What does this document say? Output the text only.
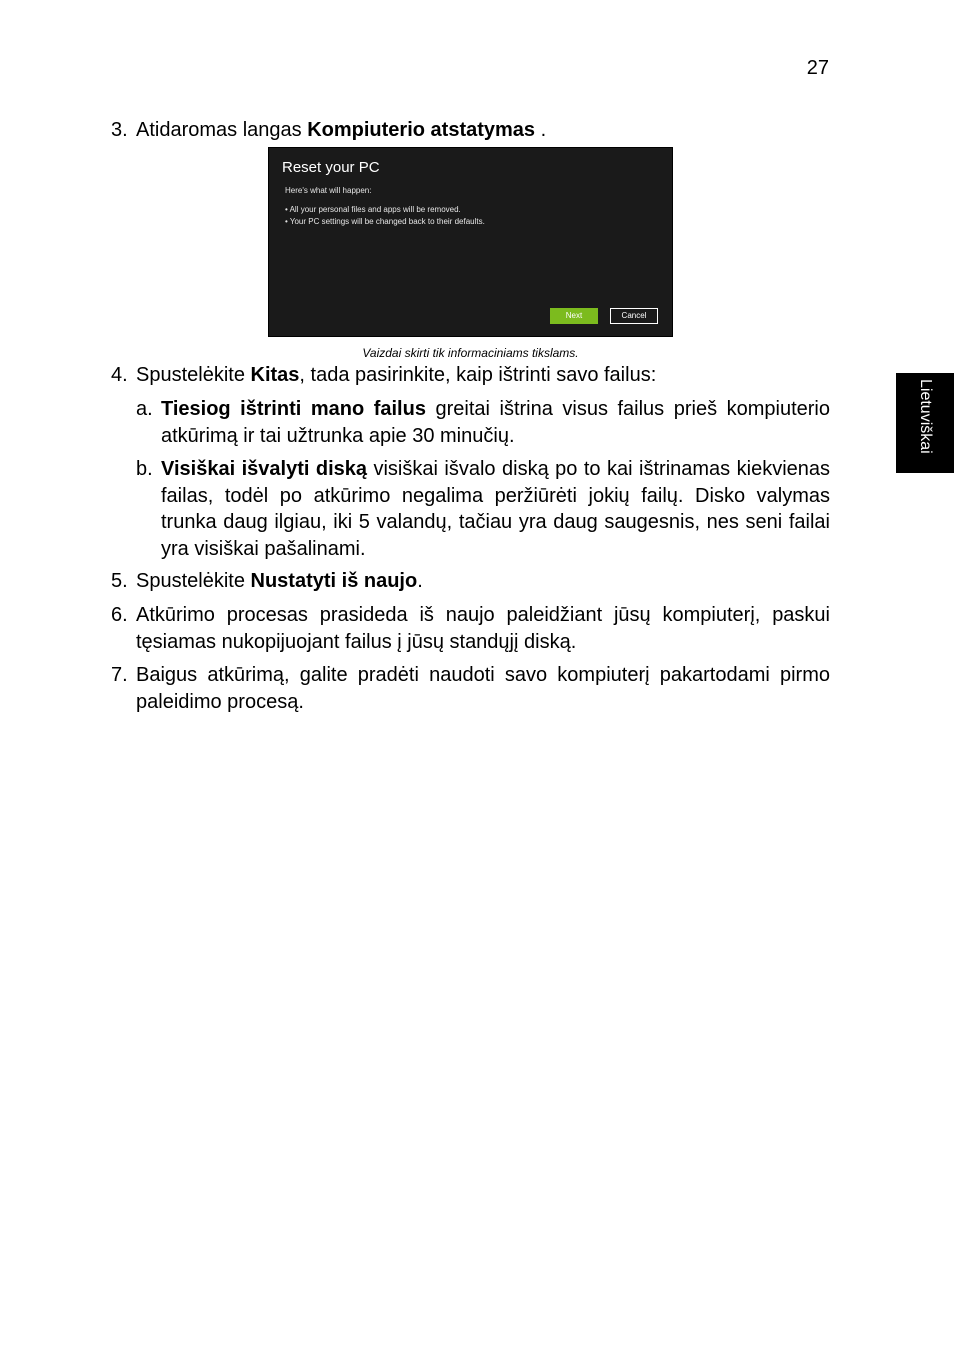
27
Lietuviškai
3. Atidaromas langas Kompiuterio atstatymas .
Reset your PC
Here's what will happen:
• All your personal files and apps will be removed.
• Your PC settings will be changed back to their defaults.
Next	Cancel
Vaizdai skirti tik informaciniams tikslams.
4. Spustelėkite Kitas, tada pasirinkite, kaip ištrinti savo failus:
a. Tiesiog ištrinti mano failus greitai ištrina visus failus prieš kompiuterio atkūrimą ir tai užtrunka apie 30 minučių.
b. Visiškai išvalyti diską visiškai išvalo diską po to kai ištrinamas kiekvienas failas, todėl po atkūrimo negalima peržiūrėti jokių failų. Disko valymas trunka daug ilgiau, iki 5 valandų, tačiau yra daug saugesnis, nes seni failai yra visiškai pašalinami.
5. Spustelėkite Nustatyti iš naujo.
6. Atkūrimo procesas prasideda iš naujo paleidžiant jūsų kompiuterį, paskui tęsiamas nukopijuojant failus į jūsų standųjį diską.
7. Baigus atkūrimą, galite pradėti naudoti savo kompiuterį pakartodami pirmo paleidimo procesą.
